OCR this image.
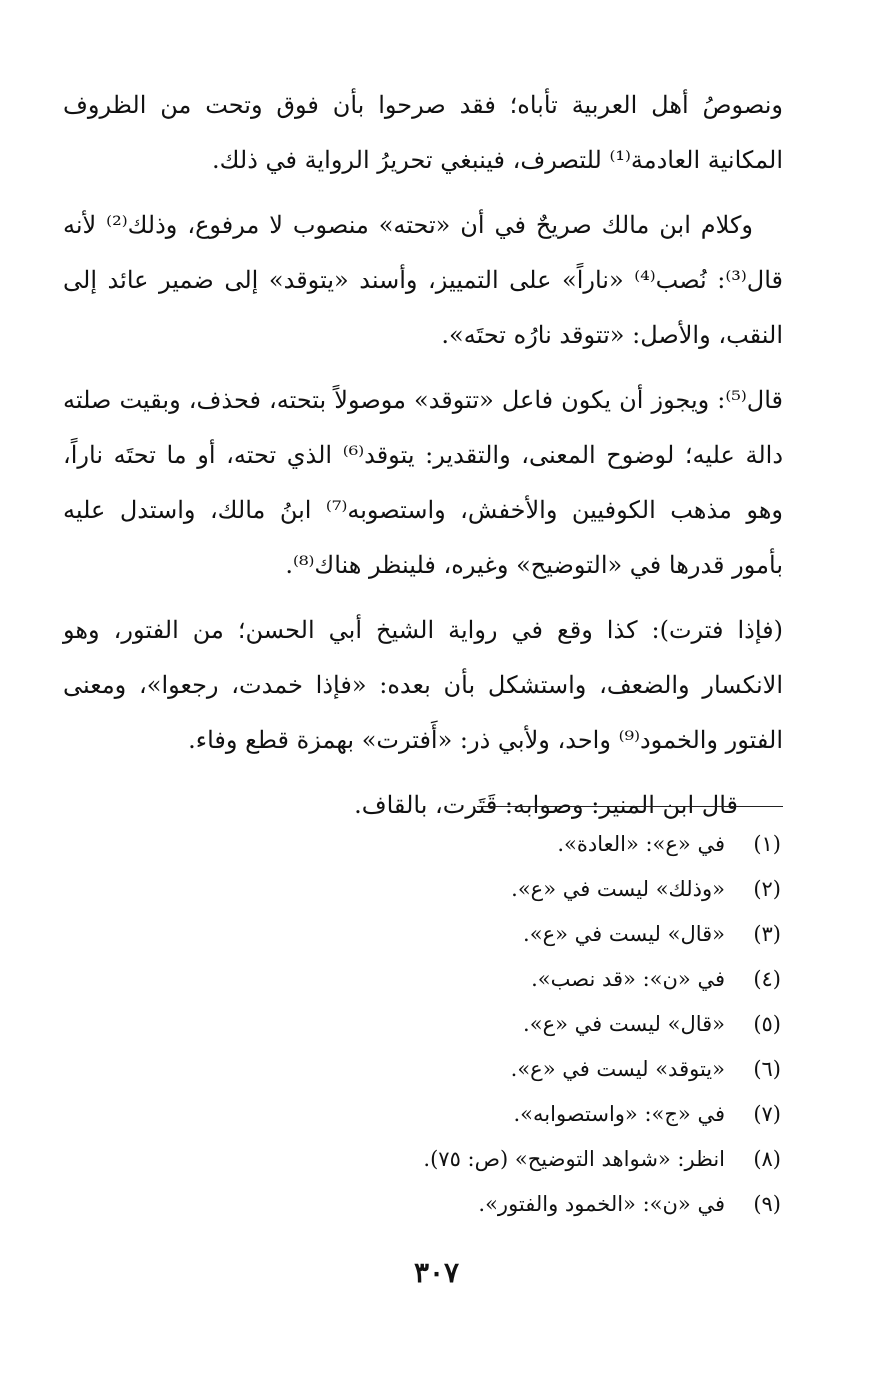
ونصوصُ أهل العربية تأباه؛ فقد صرحوا بأن فوق وتحت من الظروف المكانية العادمة⁽¹⁾ للتصرف، فينبغي تحريرُ الرواية في ذلك.

وكلام ابن مالك صريحٌ في أن «تحته» منصوب لا مرفوع، وذلك⁽²⁾ لأنه قال⁽³⁾: نُصب⁽⁴⁾ «ناراً» على التمييز، وأسند «يتوقد» إلى ضمير عائد إلى النقب، والأصل: «تتوقد نارُه تحتَه».

قال⁽⁵⁾: ويجوز أن يكون فاعل «تتوقد» موصولاً بتحته، فحذف، وبقيت صلته دالة عليه؛ لوضوح المعنى، والتقدير: يتوقد⁽⁶⁾ الذي تحته، أو ما تحتَه ناراً، وهو مذهب الكوفيين والأخفش، واستصوبه⁽⁷⁾ ابنُ مالك، واستدل عليه بأمور قدرها في «التوضيح» وغيره، فلينظر هناك⁽⁸⁾.

(فإذا فترت): كذا وقع في رواية الشيخ أبي الحسن؛ من الفتور، وهو الانكسار والضعف، واستشكل بأن بعده: «فإذا خمدت، رجعوا»، ومعنى الفتور والخمود⁽⁹⁾ واحد، ولأبي ذر: «أَفترت» بهمزة قطع وفاء.

قال ابن المنير: وصوابه: قَتَرت، بالقاف.

(١)
في «ع»: «العادة».
(٢)
«وذلك» ليست في «ع».
(٣)
«قال» ليست في «ع».
(٤)
في «ن»: «قد نصب».
(٥)
«قال» ليست في «ع».
(٦)
«يتوقد» ليست في «ع».
(٧)
في «ج»: «واستصوابه».
(٨)
انظر: «شواهد التوضيح» (ص: ٧٥).
(٩)
في «ن»: «الخمود والفتور».
٣٠٧
